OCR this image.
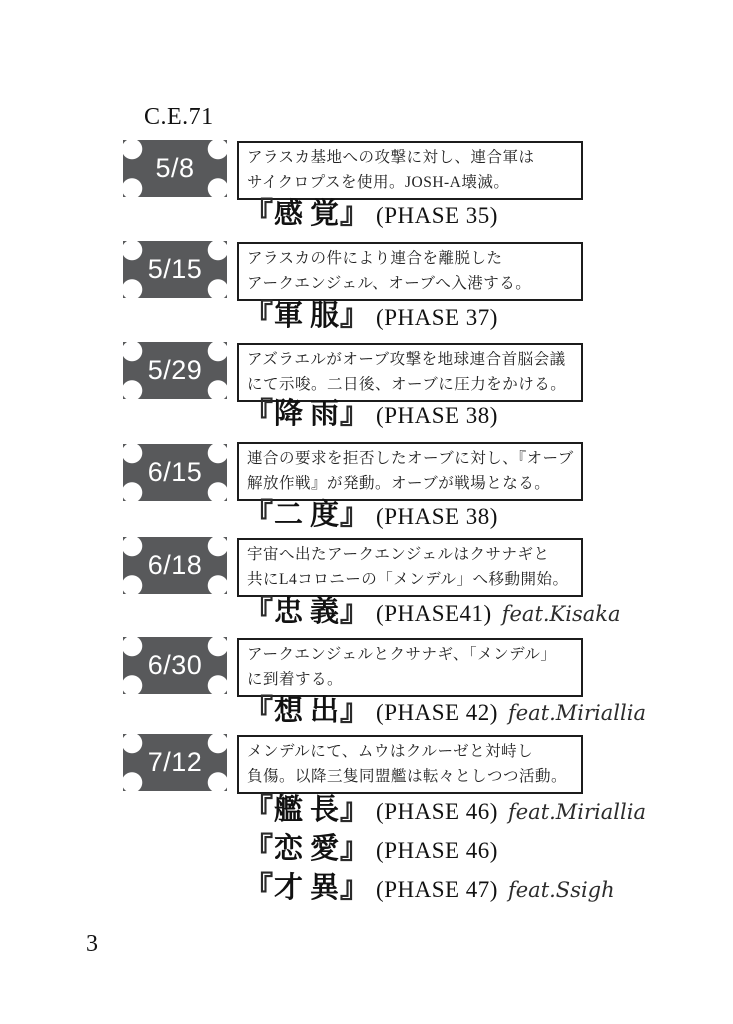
C.E.71
5/8	アラスカ基地への攻撃に対し、連合軍は
サイクロプスを使用。JOSH-A壊滅。
『 感覚
』 (PHASE 35)
5/15	アラスカの件により連合を離脱した
アークエンジェル、オーブへ入港する。
『 軍服
』 (PHASE 37)
5/29	アズラエルがオーブ攻撃を地球連合首脳会議
にて示唆。二日後、オーブに圧力をかける。
『 降雨
』 (PHASE 38)
6/15	連合の要求を拒否したオーブに対し、『オーブ
解放作戦』が発動。オーブが戦場となる。
『 二度
』 (PHASE 38)
6/18	宇宙へ出たアークエンジェルはクサナギと
共にL4コロニーの「メンデル」へ移動開始。
『 忠義
』 (PHASE41) feat.Kisaka
6/30	アークエンジェルとクサナギ、「メンデル」
に到着する。
『 想出
』 (PHASE 42) feat.Miriallia
7/12	メンデルにて、ムウはクルーゼと対峙し
負傷。以降三隻同盟艦は転々としつつ活動。
『 艦長
』 (PHASE 46) feat.Miriallia
『 恋愛
』 (PHASE 46)
『 才異
』 (PHASE 47) feat.Ssigh
3
